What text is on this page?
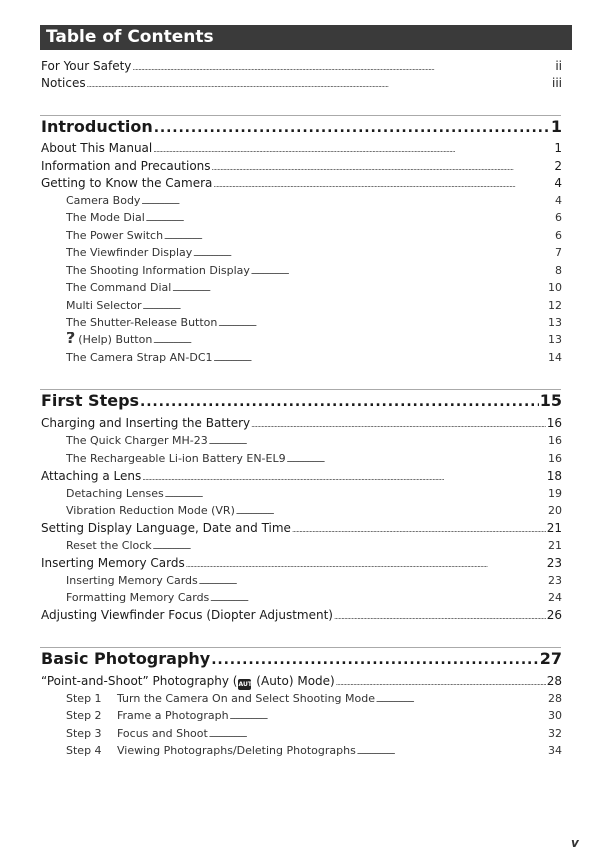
Table of Contents
For Your Safety . . .	ii
Notices . . .	iii
Introduction . . .	1
About This Manual . . .	1
Information and Precautions . . .	2
Getting to Know the Camera . . .	4
Camera Body . . .	4
The Mode Dial . . .	6
The Power Switch . . .	6
The Viewfinder Display . . .	7
The Shooting Information Display . . .	8
The Command Dial . . .	10
Multi Selector . . .	12
The Shutter-Release Button . . .	13
? (Help) Button . . .	13
The Camera Strap AN-DC1 . . .	14
First Steps . . .	15
Charging and Inserting the Battery . . .	16
The Quick Charger MH-23 . . .	16
The Rechargeable Li-ion Battery EN-EL9 . . .	16
Attaching a Lens . . .	18
Detaching Lenses . . .	19
Vibration Reduction Mode (VR) . . .	20
Setting Display Language, Date and Time . . .	21
Reset the Clock . . .	21
Inserting Memory Cards . . .	23
Inserting Memory Cards . . .	23
Formatting Memory Cards . . .	24
Adjusting Viewfinder Focus (Diopter Adjustment) . . .	26
Basic Photography . . .	27
“Point-and-Shoot” Photography (AUTO (Auto) Mode) . . .	28
Step 1 Turn the Camera On and Select Shooting Mode . . .	28
Step 2 Frame a Photograph . . .	30
Step 3 Focus and Shoot . . .	32
Step 4 Viewing Photographs/Deleting Photographs . . .	34
v
